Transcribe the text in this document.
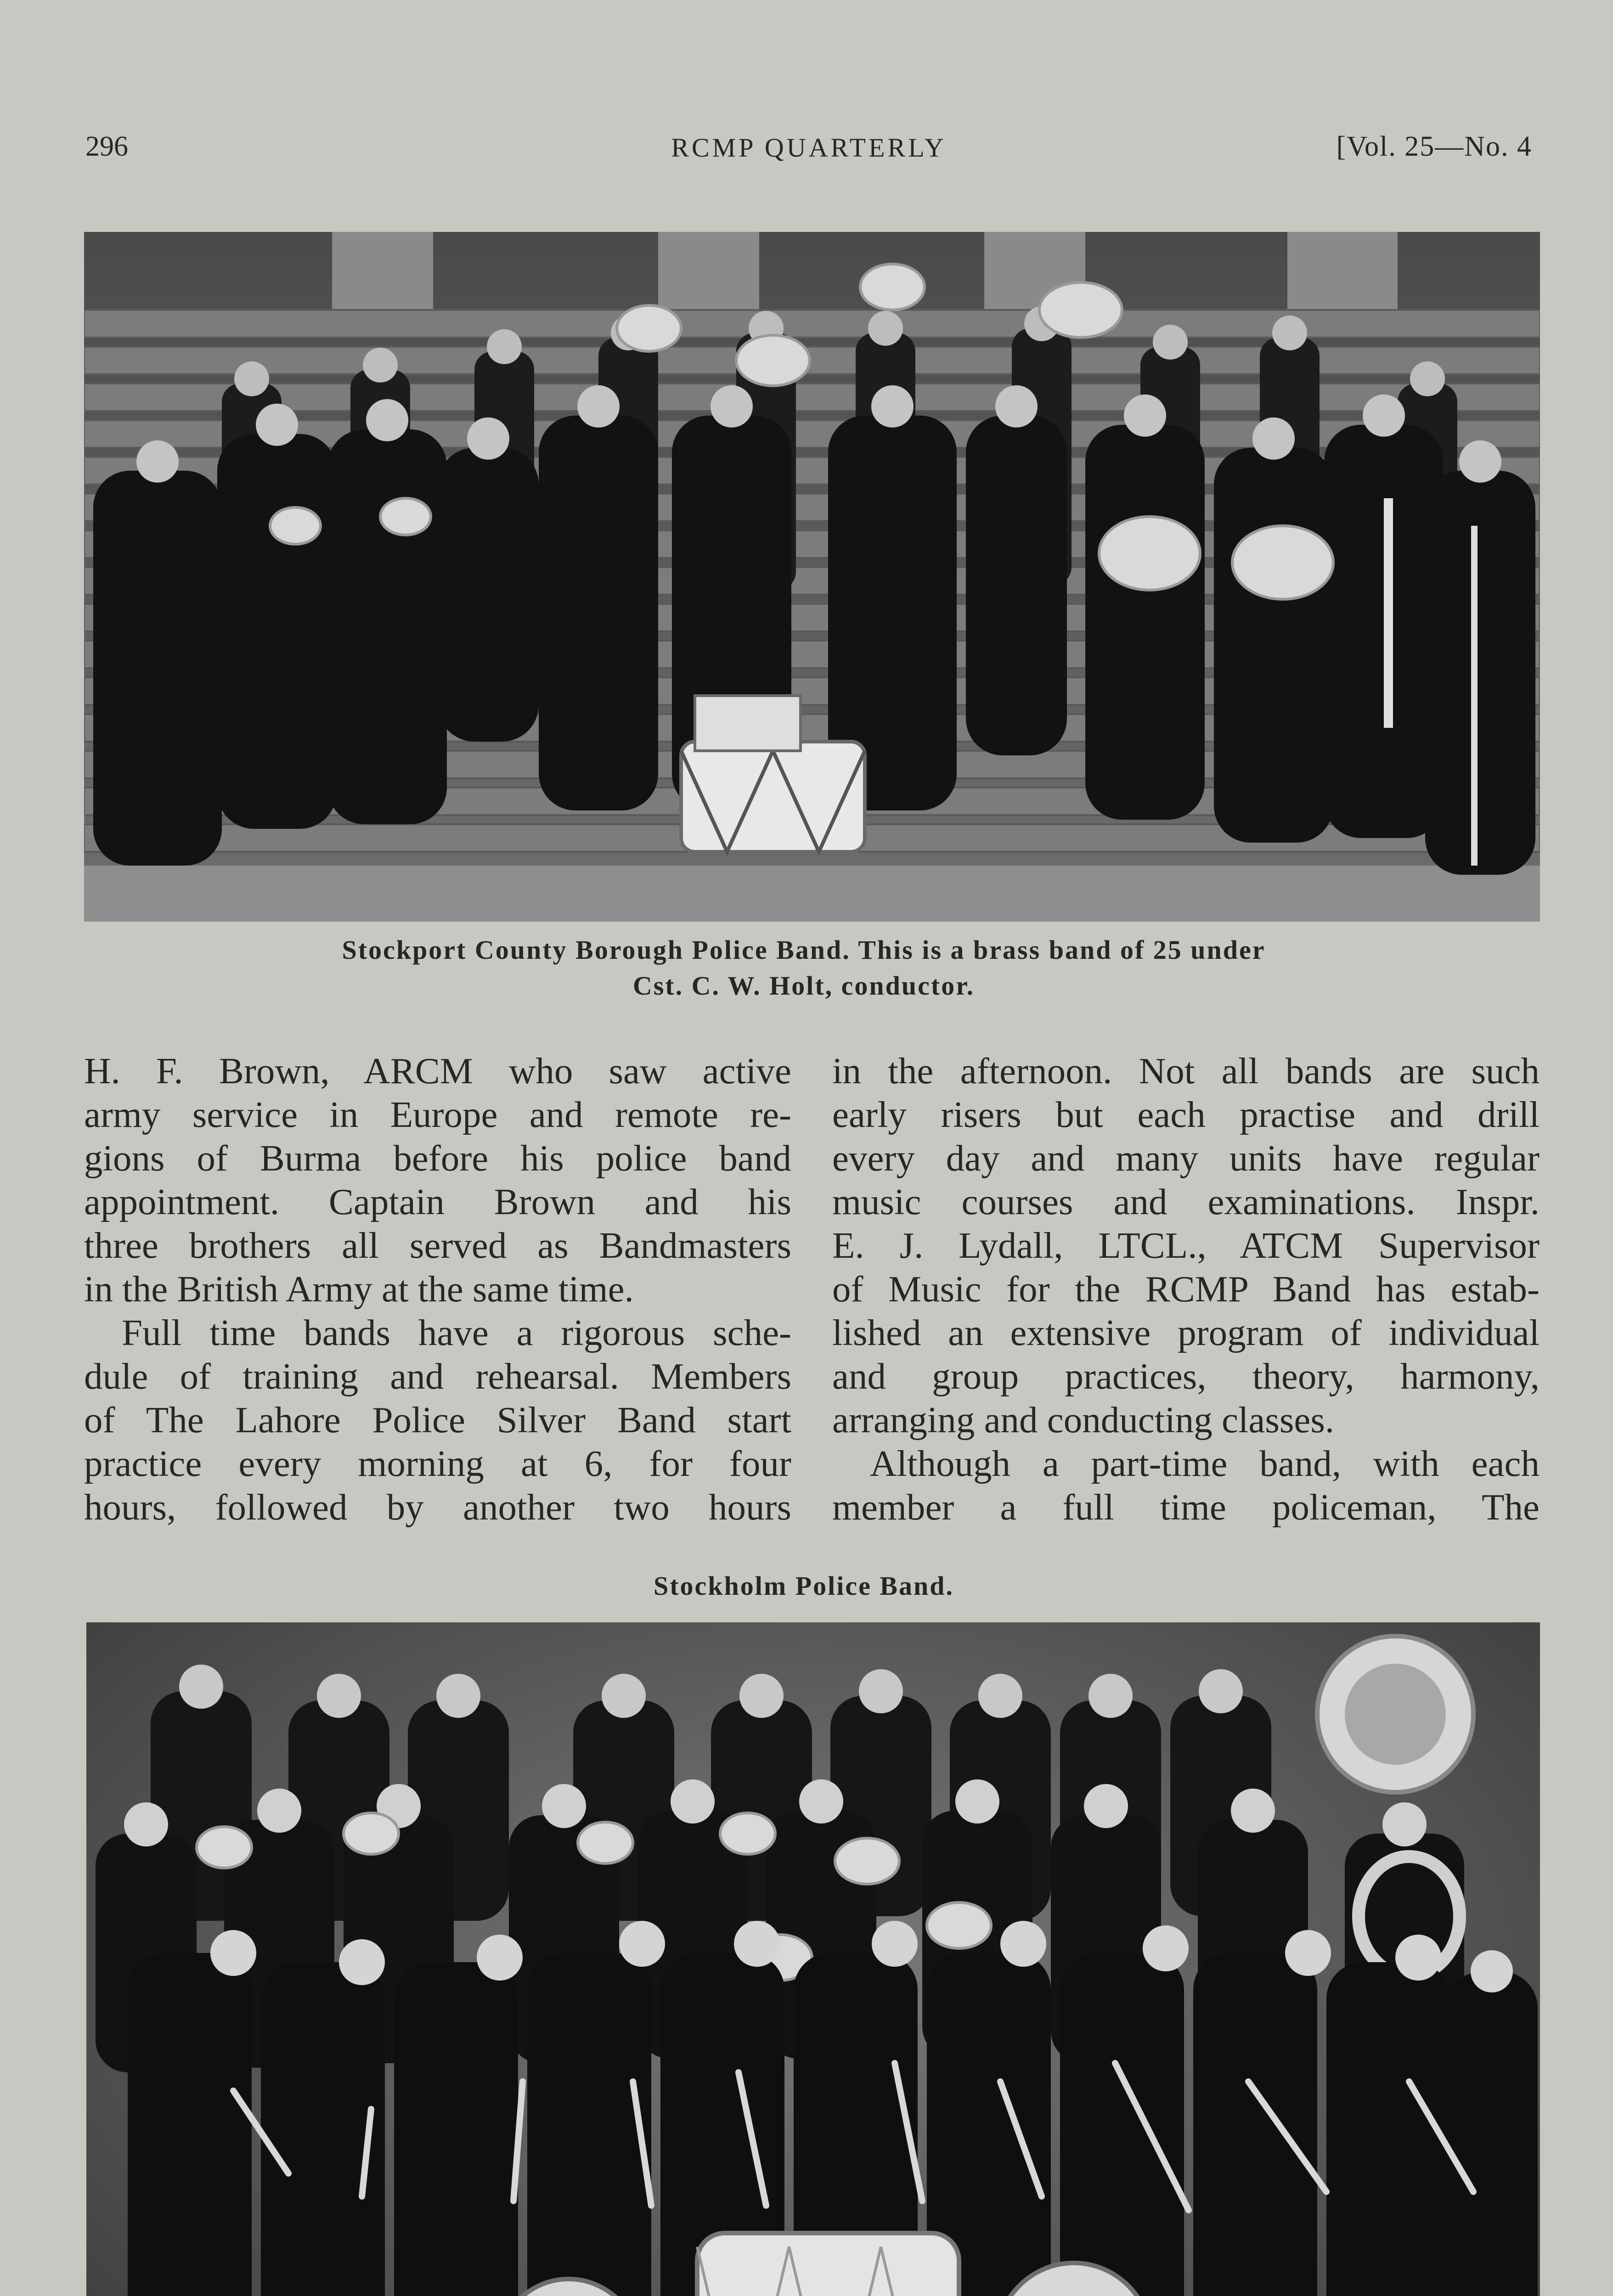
296	RCMP QUARTERLY	[Vol. 25—No. 4
Stockport County Borough Police Band. This is a brass band of 25 under
Cst. C. W. Holt, conductor.

H. F. Brown, ARCM who saw active

army service in Europe and remote re-

gions of Burma before his police band

appointment. Captain Brown and his

three brothers all served as Bandmasters

in the British Army at the same time.

Full time bands have a rigorous sche-

dule of training and rehearsal. Members

of The Lahore Police Silver Band start

practice every morning at 6, for four

hours, followed by another two hours

in the afternoon. Not all bands are such

early risers but each practise and drill

every day and many units have regular

music courses and examinations. Inspr.

E. J. Lydall, LTCL., ATCM Supervisor

of Music for the RCMP Band has estab-

lished an extensive program of individual

and group practices, theory, harmony,

arranging and conducting classes.

Although a part-time band, with each

member a full time policeman, The

Stockholm Police Band.
